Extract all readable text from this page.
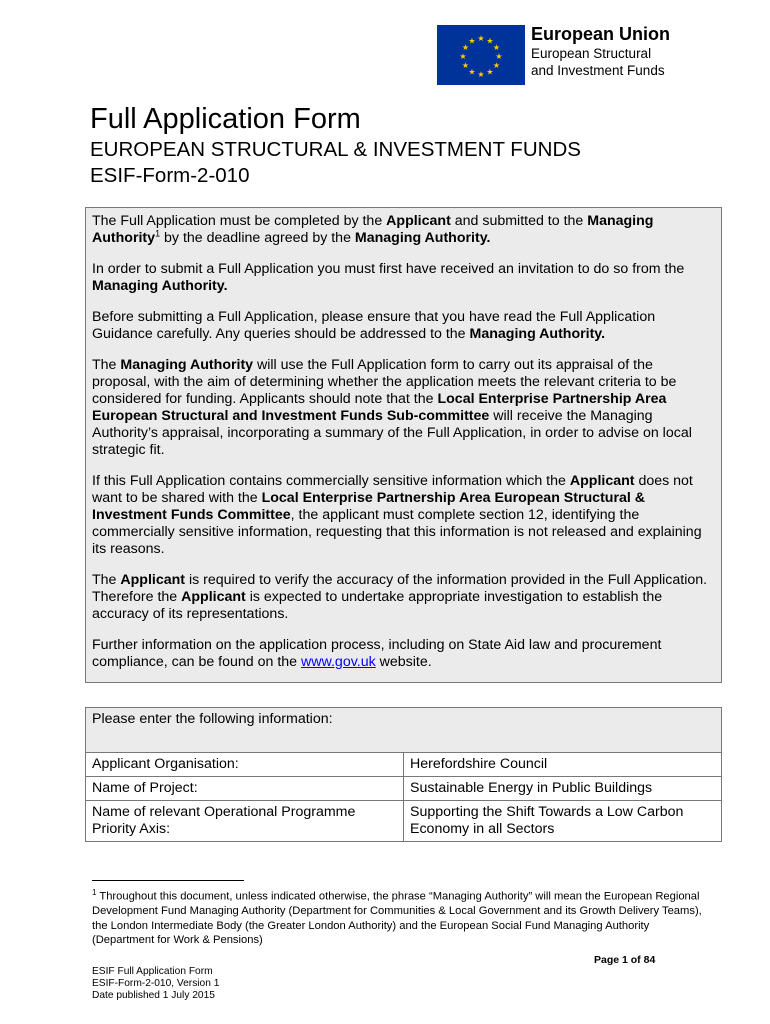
★ ★
★
★
★
★
★
★
★
★
★
★	European Union
European Structural
and Investment Funds
Full Application Form
EUROPEAN STRUCTURAL & INVESTMENT FUNDS
ESIF-Form-2-010

The Full Application must be completed by the Applicant and submitted to the Managing Authority$^1$ by the deadline agreed by the Managing Authority.

In order to submit a Full Application you must first have received an invitation to do so from the Managing Authority.

Before submitting a Full Application, please ensure that you have read the Full Application Guidance carefully. Any queries should be addressed to the Managing Authority.

The Managing Authority will use the Full Application form to carry out its appraisal of the proposal, with the aim of determining whether the application meets the relevant criteria to be considered for funding. Applicants should note that the Local Enterprise Partnership Area European Structural and Investment Funds Sub-committee will receive the Managing Authority’s appraisal, incorporating a summary of the Full Application, in order to advise on local strategic fit.

If this Full Application contains commercially sensitive information which the Applicant does not want to be shared with the Local Enterprise Partnership Area European Structural & Investment Funds Committee, the applicant must complete section 12, identifying the commercially sensitive information, requesting that this information is not released and explaining its reasons.

The Applicant is required to verify the accuracy of the information provided in the Full Application. Therefore the Applicant is expected to undertake appropriate investigation to establish the accuracy of its representations.

Further information on the application process, including on State Aid law and procurement compliance, can be found on the www.gov.uk website.

Please enter the following information:	
Applicant Organisation:	Herefordshire Council
Name of Project:	Sustainable Energy in Public Buildings
Name of relevant Operational Programme Priority Axis:	Supporting the Shift Towards a Low Carbon Economy in all Sectors
$^1$ Throughout this document, unless indicated otherwise, the phrase “Managing Authority” will mean the European Regional Development Fund Managing Authority (Department for Communities & Local Government and its Growth Delivery Teams), the London Intermediate Body (the Greater London Authority) and the European Social Fund Managing Authority (Department for Work & Pensions)
Page 1 of 84
ESIF Full Application Form
ESIF-Form-2-010, Version 1
Date published 1 July 2015
